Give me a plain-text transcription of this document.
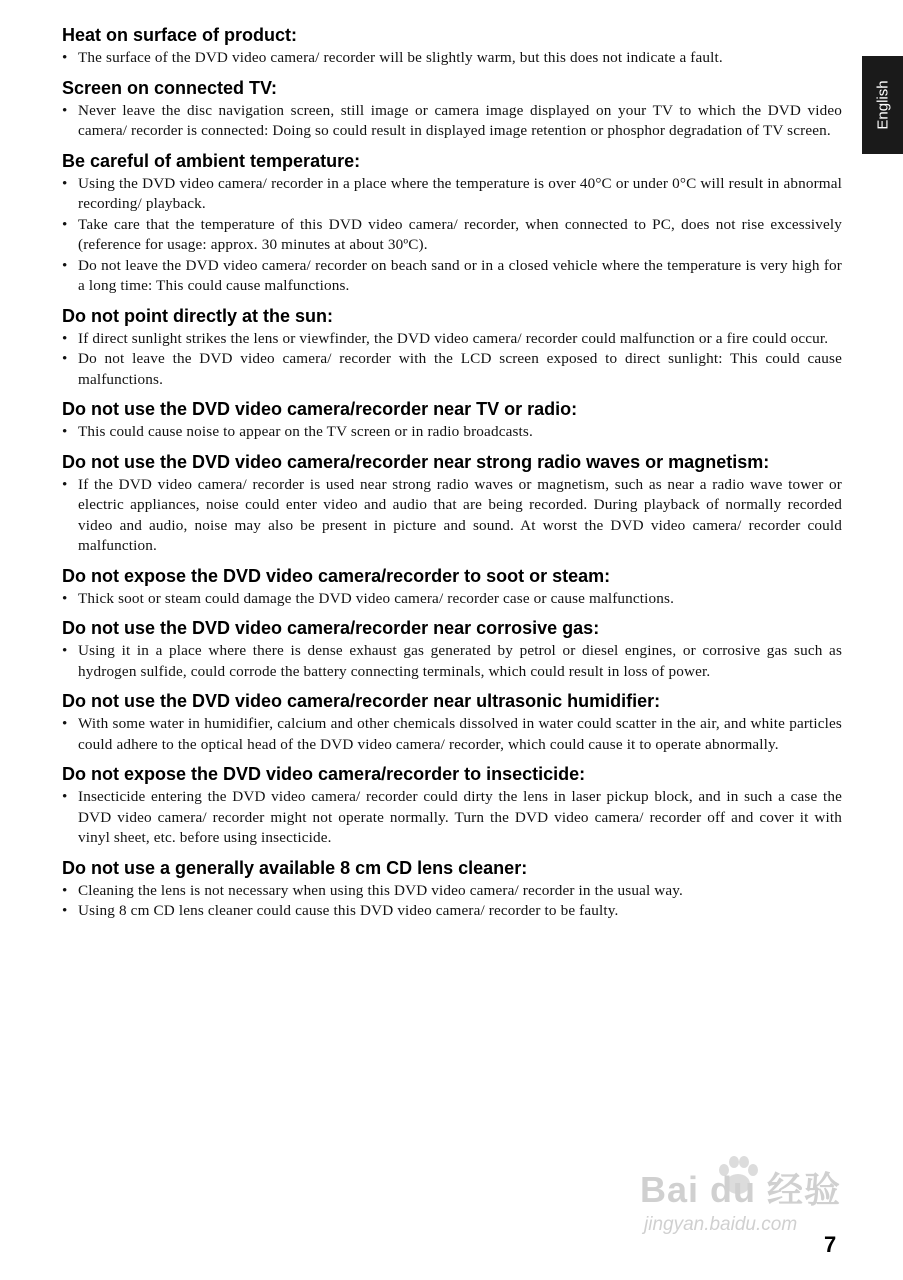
English
Heat on surface of product:
• The surface of the DVD video camera/ recorder will be slightly warm, but this does not indicate a fault.
Screen on connected TV:
• Never leave the disc navigation screen, still image or camera image displayed on your TV to which the DVD video camera/ recorder is connected: Doing so could result in displayed image retention or phosphor degradation of TV screen.
Be careful of ambient temperature:
• Using the DVD video camera/ recorder in a place where the temperature is over 40°C or under 0°C will result in abnormal recording/ playback.
• Take care that the temperature of this DVD video camera/ recorder, when connected to PC, does not rise excessively (reference for usage: approx. 30 minutes at about 30ºC).
• Do not leave the DVD video camera/ recorder on beach sand or in a closed vehicle where the temperature is very high for a long time: This could cause malfunctions.
Do not point directly at the sun:
• If direct sunlight strikes the lens or viewfinder, the DVD video camera/ recorder could malfunction or a fire could occur.
• Do not leave the DVD video camera/ recorder with the LCD screen exposed to direct sunlight: This could cause malfunctions.
Do not use the DVD video camera/recorder near TV or radio:
• This could cause noise to appear on the TV screen or in radio broadcasts.
Do not use the DVD video camera/recorder near strong radio waves or magnetism:
• If the DVD video camera/ recorder is used near strong radio waves or magnetism, such as near a radio wave tower or electric appliances, noise could enter video and audio that are being recorded. During playback of normally recorded video and audio, noise may also be present in picture and sound. At worst the DVD video camera/ recorder could malfunction.
Do not expose the DVD video camera/recorder to soot or steam:
• Thick soot or steam could damage the DVD video camera/ recorder case or cause malfunctions.
Do not use the DVD video camera/recorder near corrosive gas:
• Using it in a place where there is dense exhaust gas generated by petrol or diesel engines, or corrosive gas such as hydrogen sulfide, could corrode the battery connecting terminals, which could result in loss of power.
Do not use the DVD video camera/recorder near ultrasonic humidifier:
• With some water in humidifier, calcium and other chemicals dissolved in water could scatter in the air, and white particles could adhere to the optical head of the DVD video camera/ recorder, which could cause it to operate abnormally.
Do not expose the DVD video camera/recorder to insecticide:
• Insecticide entering the DVD video camera/ recorder could dirty the lens in laser pickup block, and in such a case the DVD video camera/ recorder might not operate normally. Turn the DVD video camera/ recorder off and cover it with vinyl sheet, etc. before using insecticide.
Do not use a generally available 8 cm CD lens cleaner:
• Cleaning the lens is not necessary when using this DVD video camera/ recorder in the usual way.
• Using 8 cm CD lens cleaner could cause this DVD video camera/ recorder to be faulty.
Bai du 经验
jingyan.baidu.com
7
